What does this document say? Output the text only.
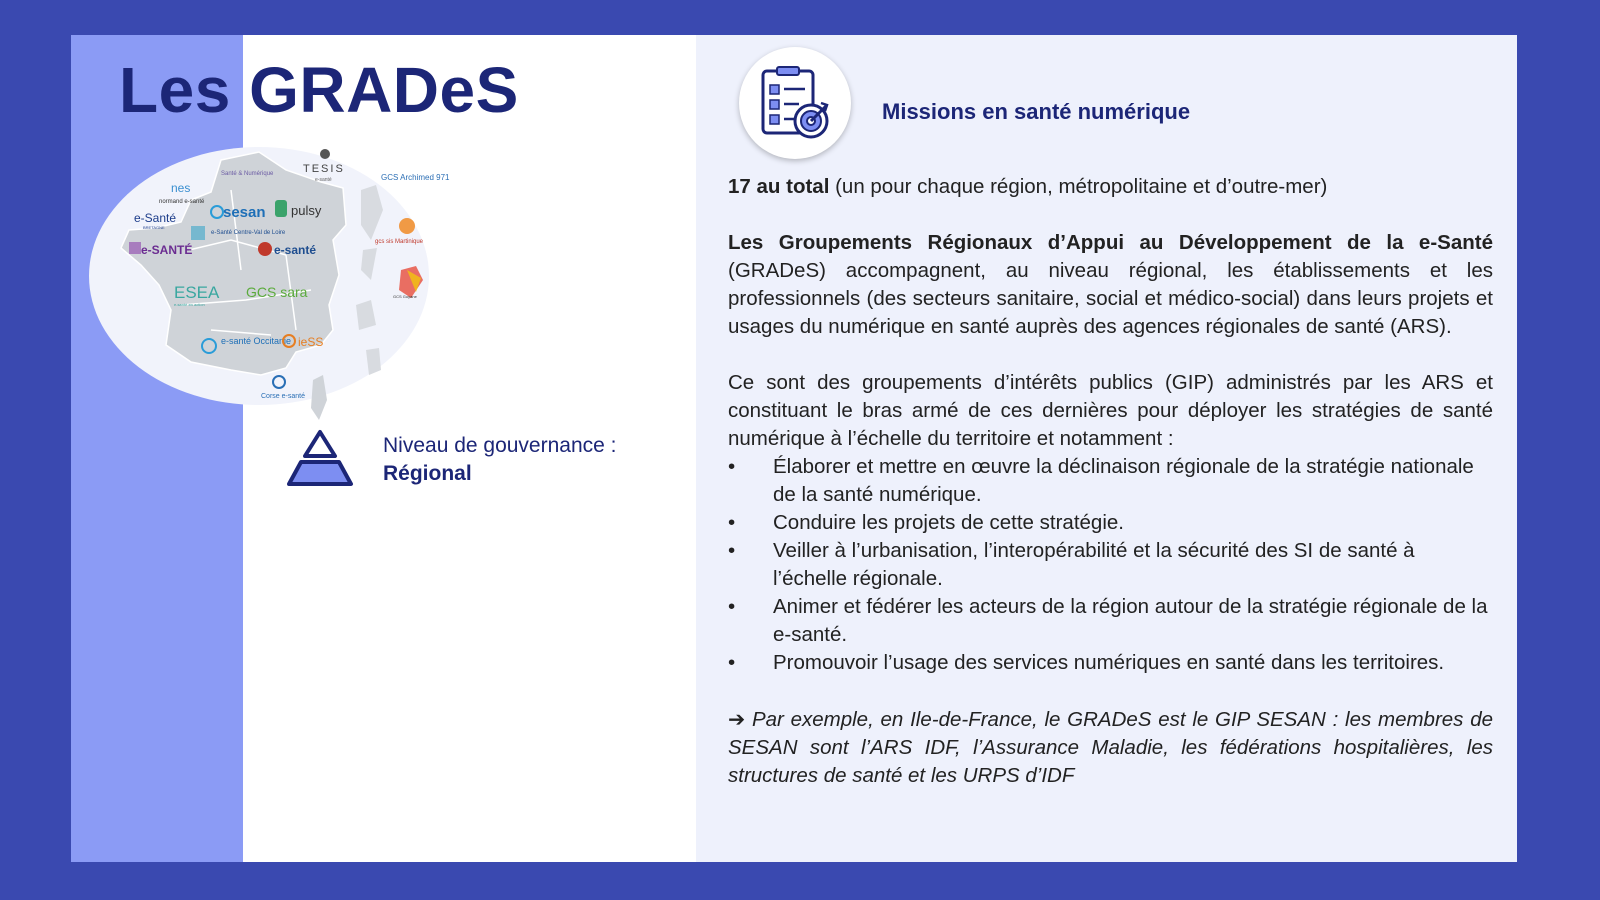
Les GRADeS
TESIS
e-santé	GCS Archimed 971
Santé & Numérique
nes
normand e-santé
sesan pulsy
e-Santé
BRETAGNE
e-Santé Centre-Val de Loire
gcs sis Martinique
e-SANTÉ	e-santé
GCS Guyane
ESEA
e-santé en action
GCS sara
e-santé Occitanie ieSS
Corse e-santé
Niveau de gouvernance :
Régional
Missions en santé numérique

17 au total (un pour chaque région, métropolitaine et d’outre-mer)

Les Groupements Régionaux d’Appui au Développement de la e-Santé (GRADeS) accompagnent, au niveau régional, les établissements et les professionnels (des secteurs sanitaire, social et médico-social) dans leurs projets et usages du numérique en santé auprès des agences régionales de santé (ARS).

Ce sont des groupements d’intérêts publics (GIP) administrés par les ARS et constituant le bras armé de ces dernières pour déployer les stratégies de santé numérique à l’échelle du territoire et notamment :

• Élaborer et mettre en œuvre la déclinaison régionale de la stratégie nationale de la santé numérique.
• Conduire les projets de cette stratégie.
• Veiller à l’urbanisation, l’interopérabilité et la sécurité des SI de santé à l’échelle régionale.
• Animer et fédérer les acteurs de la région autour de la stratégie régionale de la e-santé.
• Promouvoir l’usage des services numériques en santé dans les territoires.

➔ Par exemple, en Ile-de-France, le GRADeS est le GIP SESAN : les membres de SESAN sont l’ARS IDF, l’Assurance Maladie, les fédérations hospitalières, les structures de santé et les URPS d’IDF
